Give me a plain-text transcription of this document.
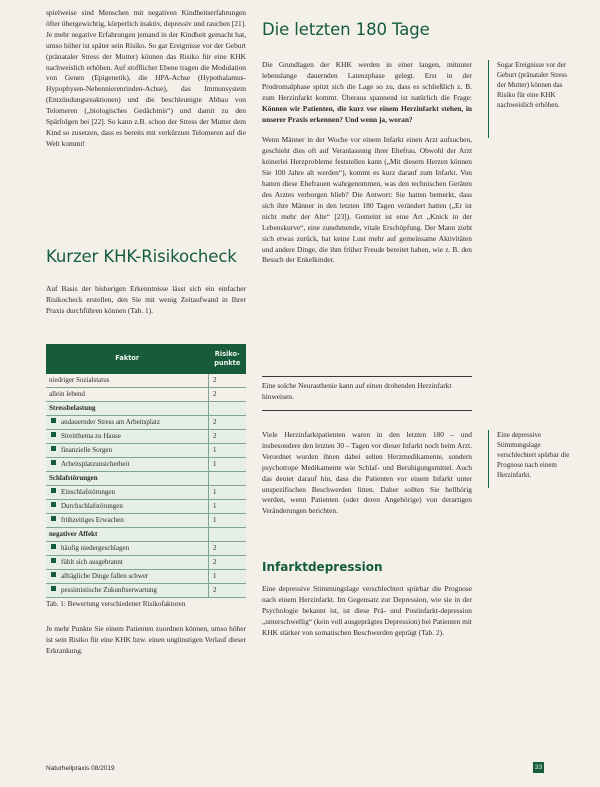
spielweise sind Menschen mit negativen Kindheitserfahrungen öfter übergewichtig, körperlich inaktiv, depressiv und rauchen [21]. Je mehr negative Erfahrungen jemand in der Kindheit gemacht hat, umso höher ist später sein Risiko. So gar Ereignisse vor der Geburt (pränataler Stress der Mutter) können das Risiko für eine KHK nachweislich erhöhen. Auf stofflicher Ebene tragen die Modulation von Genen (Epigenetik), die HPA-Achse (Hypothalamus-Hypophysen-Nebennierenrinden-Achse), das Immunsystem (Entzündungsreaktionen) und die beschleunigte Abbau von Telomeren („biologisches Gedächtnis“) und damit zu den Spätfolgen bei [22]. So kann z.B. schon der Stress der Mutter dem Kind so zusetzen, dass es bereits mit verkürzten Telomeren auf die Welt kommt!

Kurzer KHK-Risikocheck

Auf Basis der bisherigen Erkenntnisse lässt sich ein einfacher Risikocheck erstellen, den Sie mit wenig Zeitaufwand in Ihrer Praxis durchführen können (Tab. 1).

Faktor	Risiko-punkte
niedriger Sozialstatus	2
allein lebend	2
Stressbelastung	
andauernder Stress am Arbeitsplatz	2
Streitthema zu Hause	2
finanzielle Sorgen	1
Arbeitsplatzunsicherheit	1
Schlafstörungen	
Einschlafstörungen	1
Durchschlafstörungen	1
frühzeitiges Erwachen	1
negativer Affekt	
häufig niedergeschlagen	2
fühlt sich ausgebrannt	2
alltägliche Dinge fallen schwer	1
pessimistische Zukunftserwartung	2
Tab. 1: Bewertung verschiedener Risikofaktoren

Je mehr Punkte Sie einem Patienten zuordnen können, umso höher ist sein Risiko für eine KHK bzw. einen ungünstigen Verlauf dieser Erkrankung.

Die letzten 180 Tage

Die Grundlagen der KHK werden in einer langen, mitunter lebenslange dauernden Latenzphase gelegt. Erst in der Prodromalphase spitzt sich die Lage so zu, dass es schließlich z. B. zum Herzinfarkt kommt. Überaus spannend ist natürlich die Frage: Können wir Patienten, die kurz vor einem Herzinfarkt stehen, in unserer Praxis erkennen? Und wenn ja, woran?

Wenn Männer in der Woche vor einem Infarkt einen Arzt aufsuchen, geschieht dies oft auf Veranlassung ihrer Ehefrau. Obwohl der Arzt keinerlei Herzprobleme feststellen kann („Mit diesem Herzen können Sie 100 Jahre alt werden“), kommt es kurz darauf zum Infarkt. Von hatten diese Ehefrauen wahrgenommen, was den technischen Geräten des Arztes verborgen blieb? Die Antwort: Sie hatten bemerkt, dass sich ihre Männer in den letzten 180 Tagen verändert hatten („Er ist nicht mehr der Alte“ [23]). Gemeint ist eine Art „Knick in der Lebenskurve“, eine zunehmende, vitale Erschöpfung. Der Mann zieht sich etwas zurück, hat keine Lust mehr auf gemeinsame Aktivitäten und andere Dinge, die ihm früher Freude bereitet haben, wie z. B. den Besuch der Enkelkinder.

Eine solche Neurasthenie kann auf einen drohenden Herzinfarkt hinweisen.

Viele Herzinfarktpatienten waren in den letzten 180 – und insbesondere den letzten 30 – Tagen vor dieser Infarkt noch beim Arzt. Verordnet wurden ihnen dabei selten Herzmedikamente, sondern psychotrope Medikamente wie Schlaf- und Beruhigungsmittel. Auch das deutet darauf hin, dass die Patienten vor einem Infarkt unter unspezifischen Beschwerden litten. Daher sollten Sie hellhörig werden, wenn Patienten (oder deren Angehörige) von derartigen Veränderungen berichten.

Infarktdepression

Eine depressive Stimmungslage verschlechtert spürbar die Prognose nach einem Herzinfarkt. Im Gegensatz zur Depression, wie sie in der Psychologie bekannt ist, ist diese Prä- und Postinfarkt-depression „unterschwellig“ (kein voll ausgeprägtes Depression) bei Patienten mit KHK stärker von somatischen Beschwerden geprägt (Tab. 2).

Sogar Ereignisse vor der Geburt (pränataler Stress der Mutter) können das Risiko für eine KHK nachweislich erhöhen.

Eine depressive Stimmungslage verschlechtert spürbar die Prognose nach einem Herzinfarkt.

Naturheilpraxis 08/2019	33
